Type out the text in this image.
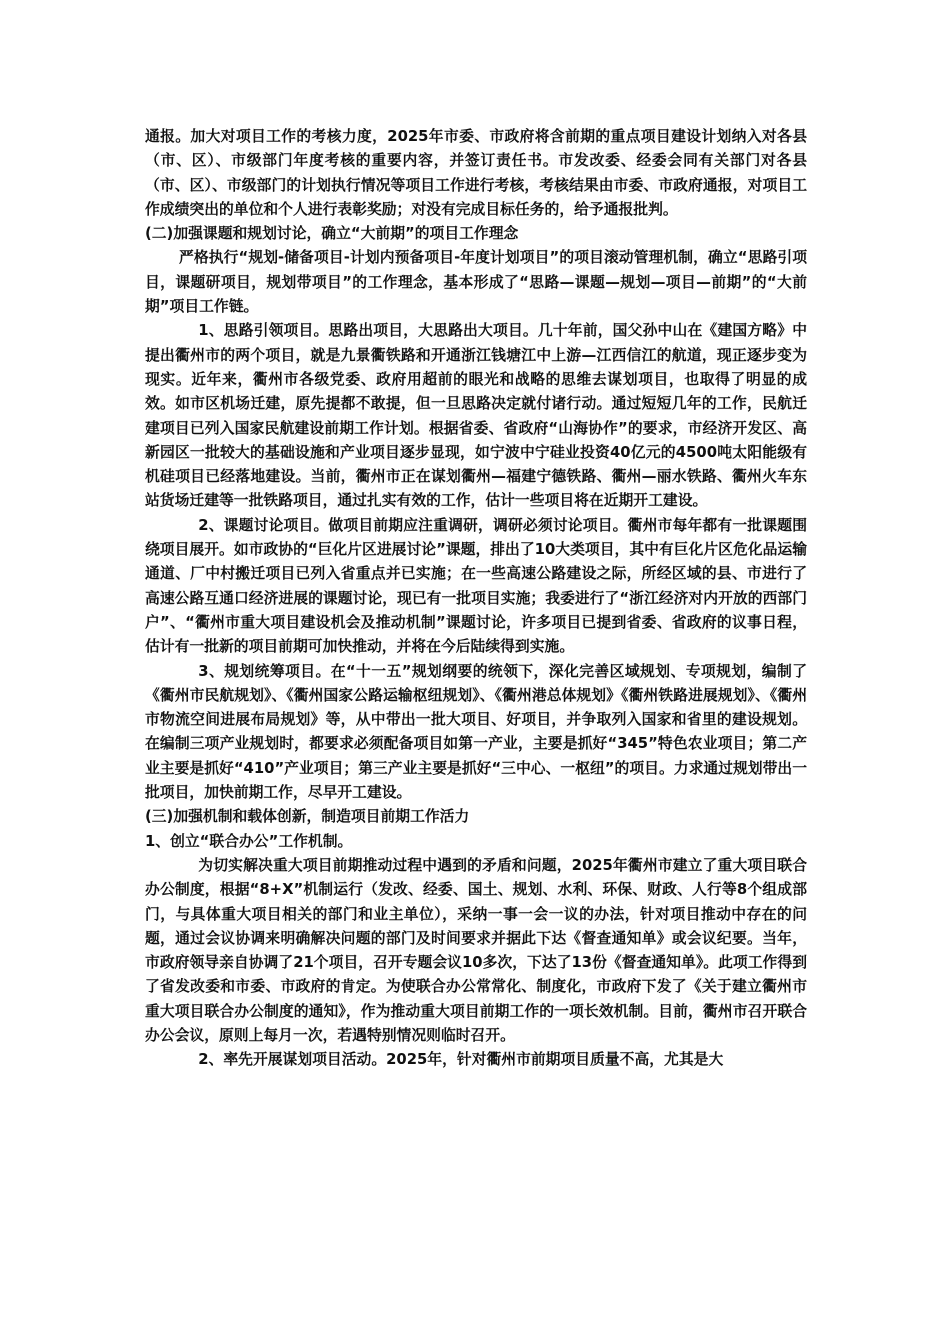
通报。加大对项目工作的考核力度，2025年市委、市政府将含前期的重点项目建设计划纳入对各县（市、区）、市级部门年度考核的重要内容，并签订责任书。市发改委、经委会同有关部门对各县（市、区）、市级部门的计划执行情况等项目工作进行考核，考核结果由市委、市政府通报，对项目工作成绩突出的单位和个人进行表彰奖励；对没有完成目标任务的，给予通报批判。

(二)加强课题和规划讨论，确立“大前期”的项目工作理念

严格执行“规划-储备项目-计划内预备项目-年度计划项目”的项目滚动管理机制，确立“思路引项目，课题研项目，规划带项目”的工作理念，基本形成了“思路—课题—规划—项目—前期”的“大前期”项目工作链。

1、思路引领项目。思路出项目，大思路出大项目。几十年前，国父孙中山在《建国方略》中提出衢州市的两个项目，就是九景衢铁路和开通浙江钱塘江中上游—江西信江的航道，现正逐步变为现实。近年来，衢州市各级党委、政府用超前的眼光和战略的思维去谋划项目，也取得了明显的成效。如市区机场迁建，原先提都不敢提，但一旦思路决定就付诸行动。通过短短几年的工作，民航迁建项目已列入国家民航建设前期工作计划。根据省委、省政府“山海协作”的要求，市经济开发区、高新园区一批较大的基础设施和产业项目逐步显现，如宁波中宁硅业投资40亿元的4500吨太阳能级有机硅项目已经落地建设。当前，衢州市正在谋划衢州—福建宁德铁路、衢州—丽水铁路、衢州火车东站货场迁建等一批铁路项目，通过扎实有效的工作，估计一些项目将在近期开工建设。

2、课题讨论项目。做项目前期应注重调研，调研必须讨论项目。衢州市每年都有一批课题围绕项目展开。如市政协的“巨化片区进展讨论”课题，排出了10大类项目，其中有巨化片区危化品运输通道、厂中村搬迁项目已列入省重点并已实施；在一些高速公路建设之际，所经区域的县、市进行了高速公路互通口经济进展的课题讨论，现已有一批项目实施；我委进行了“浙江经济对内开放的西部门户”、“衢州市重大项目建设机会及推动机制”课题讨论，许多项目已提到省委、省政府的议事日程，估计有一批新的项目前期可加快推动，并将在今后陆续得到实施。

3、规划统筹项目。在“十一五”规划纲要的统领下，深化完善区域规划、专项规划，编制了《衢州市民航规划》、《衢州国家公路运输枢纽规划》、《衢州港总体规划》《衢州铁路进展规划》、《衢州市物流空间进展布局规划》等，从中带出一批大项目、好项目，并争取列入国家和省里的建设规划。在编制三项产业规划时，都要求必须配备项目如第一产业，主要是抓好“345”特色农业项目；第二产业主要是抓好“410”产业项目；第三产业主要是抓好“三中心、一枢纽”的项目。力求通过规划带出一批项目，加快前期工作，尽早开工建设。

(三)加强机制和载体创新，制造项目前期工作活力

1、创立“联合办公”工作机制。

为切实解决重大项目前期推动过程中遇到的矛盾和问题，2025年衢州市建立了重大项目联合办公制度，根据“8+X”机制运行（发改、经委、国土、规划、水利、环保、财政、人行等8个组成部门，与具体重大项目相关的部门和业主单位），采纳一事一会一议的办法，针对项目推动中存在的问题，通过会议协调来明确解决问题的部门及时间要求并据此下达《督查通知单》或会议纪要。当年，市政府领导亲自协调了21个项目，召开专题会议10多次，下达了13份《督查通知单》。此项工作得到了省发改委和市委、市政府的肯定。为使联合办公常常化、制度化，市政府下发了《关于建立衢州市重大项目联合办公制度的通知》，作为推动重大项目前期工作的一项长效机制。目前，衢州市召开联合办公会议，原则上每月一次，若遇特别情况则临时召开。

2、率先开展谋划项目活动。2025年，针对衢州市前期项目质量不高，尤其是大
